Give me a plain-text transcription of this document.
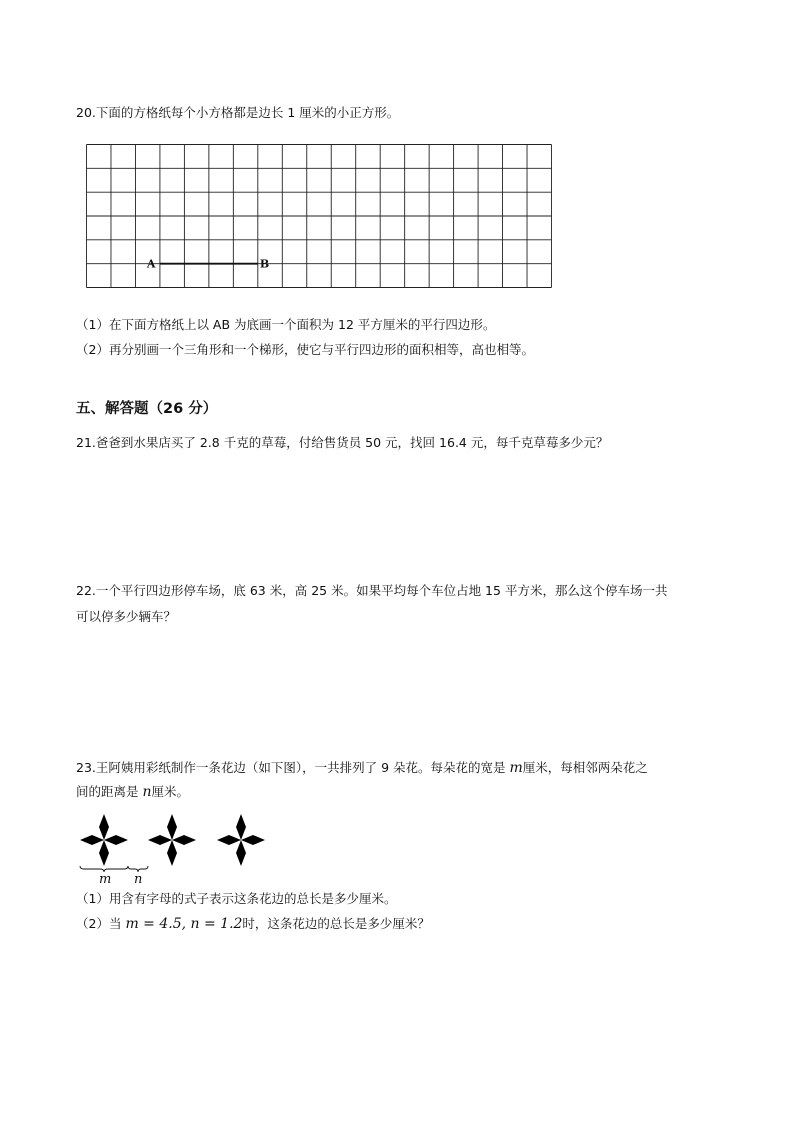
20.下面的方格纸每个小方格都是边长 1 厘米的小正方形。
A	B
（1）在下面方格纸上以 AB 为底画一个面积为 12 平方厘米的平行四边形。
（2）再分别画一个三角形和一个梯形，使它与平行四边形的面积相等，高也相等。
五、解答题（26 分）
21.爸爸到水果店买了 2.8 千克的草莓，付给售货员 50 元，找回 16.4 元，每千克草莓多少元？
22.一个平行四边形停车场，底 63 米，高 25 米。如果平均每个车位占地 15 平方米，那么这个停车场一共
可以停多少辆车？
23.王阿姨用彩纸制作一条花边（如下图），一共排列了 9 朵花。每朵花的宽是 m厘米，每相邻两朵花之
间的距离是 n厘米。
m n
（1）用含有字母的式子表示这条花边的总长是多少厘米。
（2）当 m = 4.5, n = 1.2时，这条花边的总长是多少厘米？
